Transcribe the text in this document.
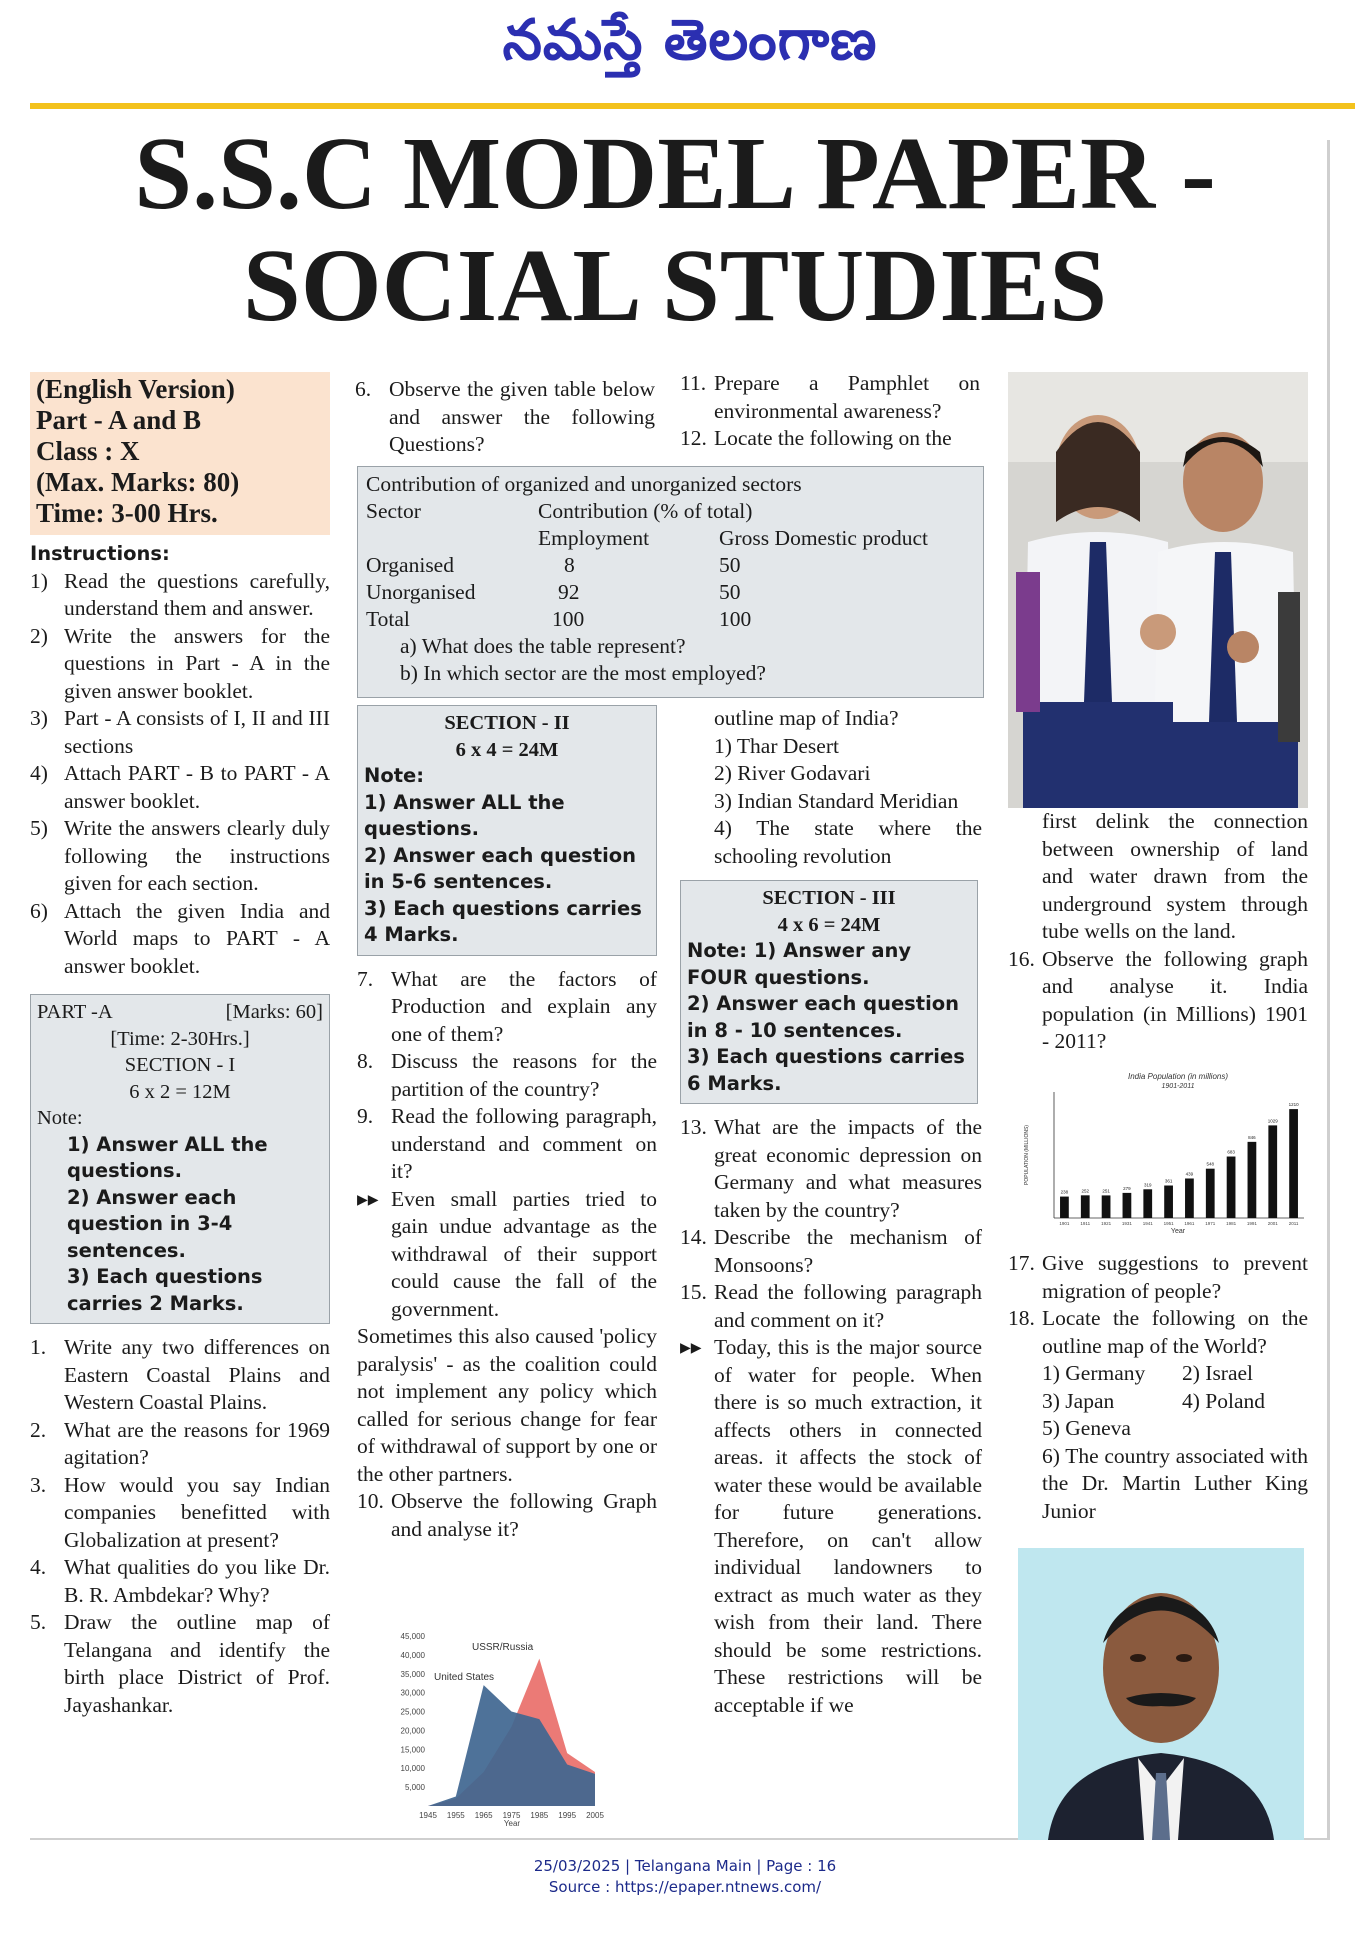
నమస్తే తెలంగాణ
S.S.C MODEL PAPER -
SOCIAL STUDIES
(English Version)
Part - A and B
Class : X
(Max. Marks: 80)
Time: 3-00 Hrs.
Instructions:
1) Read the questions carefully, understand them and answer.
2) Write the answers for the questions in Part - A in the given answer booklet.
3) Part - A consists of I, II and III sections
4) Attach PART - B to PART - A answer booklet.
5) Write the answers clearly duly following the instructions given for each section.
6) Attach the given India and World maps to PART - A answer booklet.
PART -A	[Marks: 60]
[Time: 2-30Hrs.]
SECTION - I
6 x 2 = 12M
Note:
1) Answer ALL the questions.
2) Answer each question in 3-4 sentences.
3) Each questions carries 2 Marks.
1. Write any two differences on Eastern Coastal Plains and Western Coastal Plains.
2. What are the reasons for 1969 agitation?
3. How would you say Indian companies benefitted with Globalization at present?
4. What qualities do you like Dr. B. R. Ambdekar? Why?
5. Draw the outline map of Telangana and identify the birth place District of Prof. Jayashankar.
6. Observe the given table below and answer the following Questions?
11. Prepare a Pamphlet on environmental awareness?
12. Locate the following on the
Contribution of organized and unorganized sectors
Sector	Contribution (% of total)
Employment	Gross Domestic product
Organised	8	50
Unorganised	92	50
Total	100	100
a) What does the table represent?
b) In which sector are the most employed?
SECTION - II
6 x 4 = 24M
Note:
1) Answer ALL the questions.
2) Answer each question in 5-6 sentences.
3) Each questions carries 4 Marks.
7. What are the factors of Production and explain any one of them?
8. Discuss the reasons for the partition of the country?
9. Read the following paragraph, understand and comment on it?
▸▸ Even small parties tried to gain undue advantage as the withdrawal of their support could cause the fall of the government.
Sometimes this also caused 'policy paralysis' - as the coalition could not implement any policy which called for serious change for fear of withdrawal of support by one or the other partners.
10. Observe the following Graph and analyse it?
45,000
40,000
35,000
30,000
25,000
20,000
15,000
10,000
5,000
1945 1955 1965 1975 1985 1995 2005
USSR/Russia
United States
Year
outline map of India?
1) Thar Desert
2) River Godavari
3) Indian Standard Meridian
4) The state where the schooling revolution
SECTION - III
4 x 6 = 24M
Note: 1) Answer any FOUR questions.
2) Answer each question in 8 - 10 sentences.
3) Each questions carries 6 Marks.
13. What are the impacts of the great economic depression on Germany and what measures taken by the country?
14. Describe the mechanism of Monsoons?
15. Read the following paragraph and comment on it?
▸▸ Today, this is the major source of water for people. When there is so much extraction, it affects others in connected areas. it affects the stock of water these would be available for future generations. Therefore, on can't allow individual landowners to extract as much water as they wish from their land. There should be some restrictions. These restrictions will be acceptable if we
first delink the connection between ownership of land and water drawn from the underground system through tube wells on the land.
16. Observe the following graph and analyse it. India population (in Millions) 1901 - 2011?
India Population (in millions)
1901-2011
POPULATION (MILLIONS)
238
1901
252
1911
251
1921
279
1931
319
1941
361
1951
439
1961
548
1971
683
1981
846
1991
1029
2001
1210
2011
Year
17. Give suggestions to prevent migration of people?
18. Locate the following on the outline map of the World?
1) Germany 2) Israel
3) Japan	4) Poland
5) Geneva
6) The country associated with the Dr. Martin Luther King Junior
25/03/2025 | Telangana Main | Page : 16
Source : https://epaper.ntnews.com/
